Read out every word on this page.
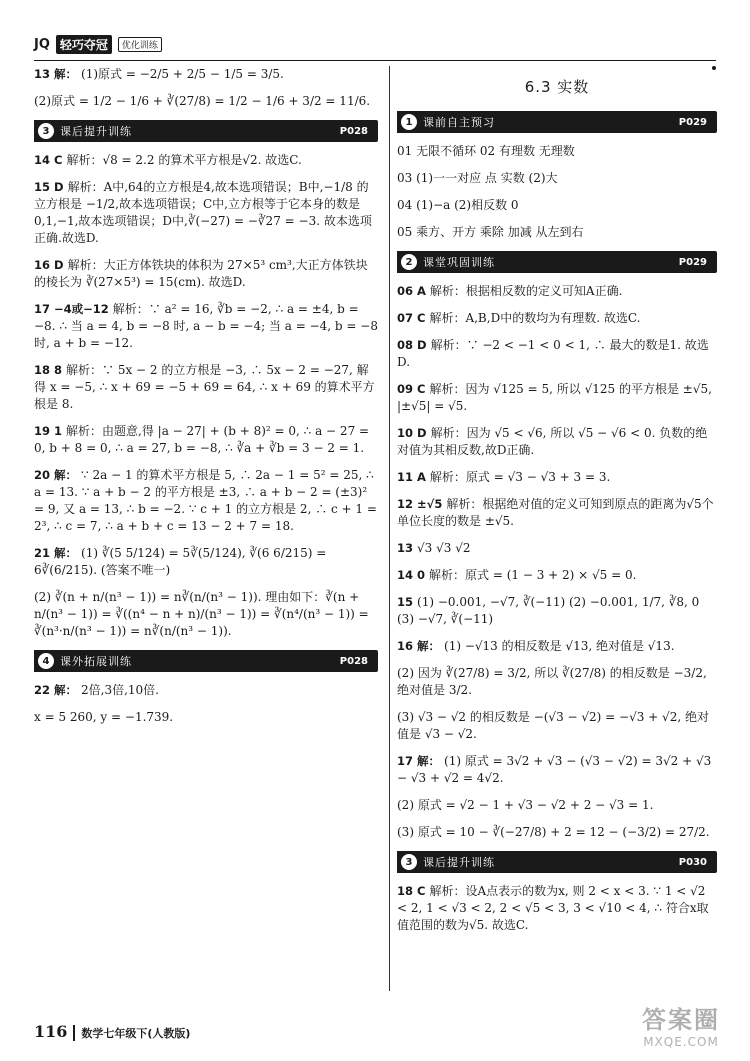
JQ 轻巧夺冠	优化训练
13 解： (1)原式 = −2/5 + 2/5 − 1/5 = 3/5.
(2)原式 = 1/2 − 1/6 + ∛(27/8) = 1/2 − 1/6 + 3/2 = 11/6.
3 课后提升训练	P028
14 C 解析：√8 = 2.2 的算术平方根是√2. 故选C.
15 D 解析：A中,64的立方根是4,故本选项错误；B中,−1/8 的立方根是 −1/2,故本选项错误；C中,立方根等于它本身的数是0,1,−1,故本选项错误；D中,∛(−27) = −∛27 = −3. 故本选项正确.故选D.
16 D 解析：大正方体铁块的体积为 27×5³ cm³,大正方体铁块的棱长为 ∛(27×5³) = 15(cm). 故选D.
17 −4或−12 解析：∵ a² = 16, ∛b = −2, ∴ a = ±4, b = −8. ∴ 当 a = 4, b = −8 时, a − b = −4; 当 a = −4, b = −8 时, a + b = −12.
18 8 解析：∵ 5x − 2 的立方根是 −3, ∴ 5x − 2 = −27, 解得 x = −5, ∴ x + 69 = −5 + 69 = 64, ∴ x + 69 的算术平方根是 8.
19 1 解析：由题意,得 |a − 27| + (b + 8)² = 0, ∴ a − 27 = 0, b + 8 = 0, ∴ a = 27, b = −8, ∴ ∛a + ∛b = 3 − 2 = 1.
20 解： ∵ 2a − 1 的算术平方根是 5, ∴ 2a − 1 = 5² = 25, ∴ a = 13. ∵ a + b − 2 的平方根是 ±3, ∴ a + b − 2 = (±3)² = 9, 又 a = 13, ∴ b = −2. ∵ c + 1 的立方根是 2, ∴ c + 1 = 2³, ∴ c = 7, ∴ a + b + c = 13 − 2 + 7 = 18.
21 解： (1) ∛(5 5/124) = 5∛(5/124), ∛(6 6/215) = 6∛(6/215). (答案不唯一)
(2) ∛(n + n/(n³ − 1)) = n∛(n/(n³ − 1)). 理由如下：∛(n + n/(n³ − 1)) = ∛((n⁴ − n + n)/(n³ − 1)) = ∛(n⁴/(n³ − 1)) = ∛(n³·n/(n³ − 1)) = n∛(n/(n³ − 1)).
4 课外拓展训练	P028
22 解： 2倍,3倍,10倍.
x = 5 260, y = −1.739.
6.3 实数
1 课前自主预习	P029
01 无限不循环 02 有理数 无理数
03 (1)一一对应 点 实数 (2)大
04 (1)−a (2)相反数 0
05 乘方、开方 乘除 加减 从左到右
2 课堂巩固训练	P029
06 A 解析：根据相反数的定义可知A正确.
07 C 解析：A,B,D中的数均为有理数. 故选C.
08 D 解析：∵ −2 < −1 < 0 < 1, ∴ 最大的数是1. 故选D.
09 C 解析：因为 √125 = 5, 所以 √125 的平方根是 ±√5, |±√5| = √5.
10 D 解析：因为 √5 < √6, 所以 √5 − √6 < 0. 负数的绝对值为其相反数,故D正确.
11 A 解析：原式 = √3 − √3 + 3 = 3.
12 ±√5 解析：根据绝对值的定义可知到原点的距离为√5个单位长度的数是 ±√5.
13 √3 √3 √2
14 0 解析：原式 = (1 − 3 + 2) × √5 = 0.
15 (1) −0.001, −√7, ∛(−11) (2) −0.001, 1/7, ∛8, 0 (3) −√7, ∛(−11)
16 解： (1) −√13 的相反数是 √13, 绝对值是 √13.
(2) 因为 ∛(27/8) = 3/2, 所以 ∛(27/8) 的相反数是 −3/2, 绝对值是 3/2.
(3) √3 − √2 的相反数是 −(√3 − √2) = −√3 + √2, 绝对值是 √3 − √2.
17 解： (1) 原式 = 3√2 + √3 − (√3 − √2) = 3√2 + √3 − √3 + √2 = 4√2.
(2) 原式 = √2 − 1 + √3 − √2 + 2 − √3 = 1.
(3) 原式 = 10 − ∛(−27/8) + 2 = 12 − (−3/2) = 27/2.
3 课后提升训练	P030
18 C 解析：设A点表示的数为x, 则 2 < x < 3. ∵ 1 < √2 < 2, 1 < √3 < 2, 2 < √5 < 3, 3 < √10 < 4, ∴ 符合x取值范围的数为√5. 故选C.
116	数学七年级下(人教版)	答案圈
MXQE.COM
